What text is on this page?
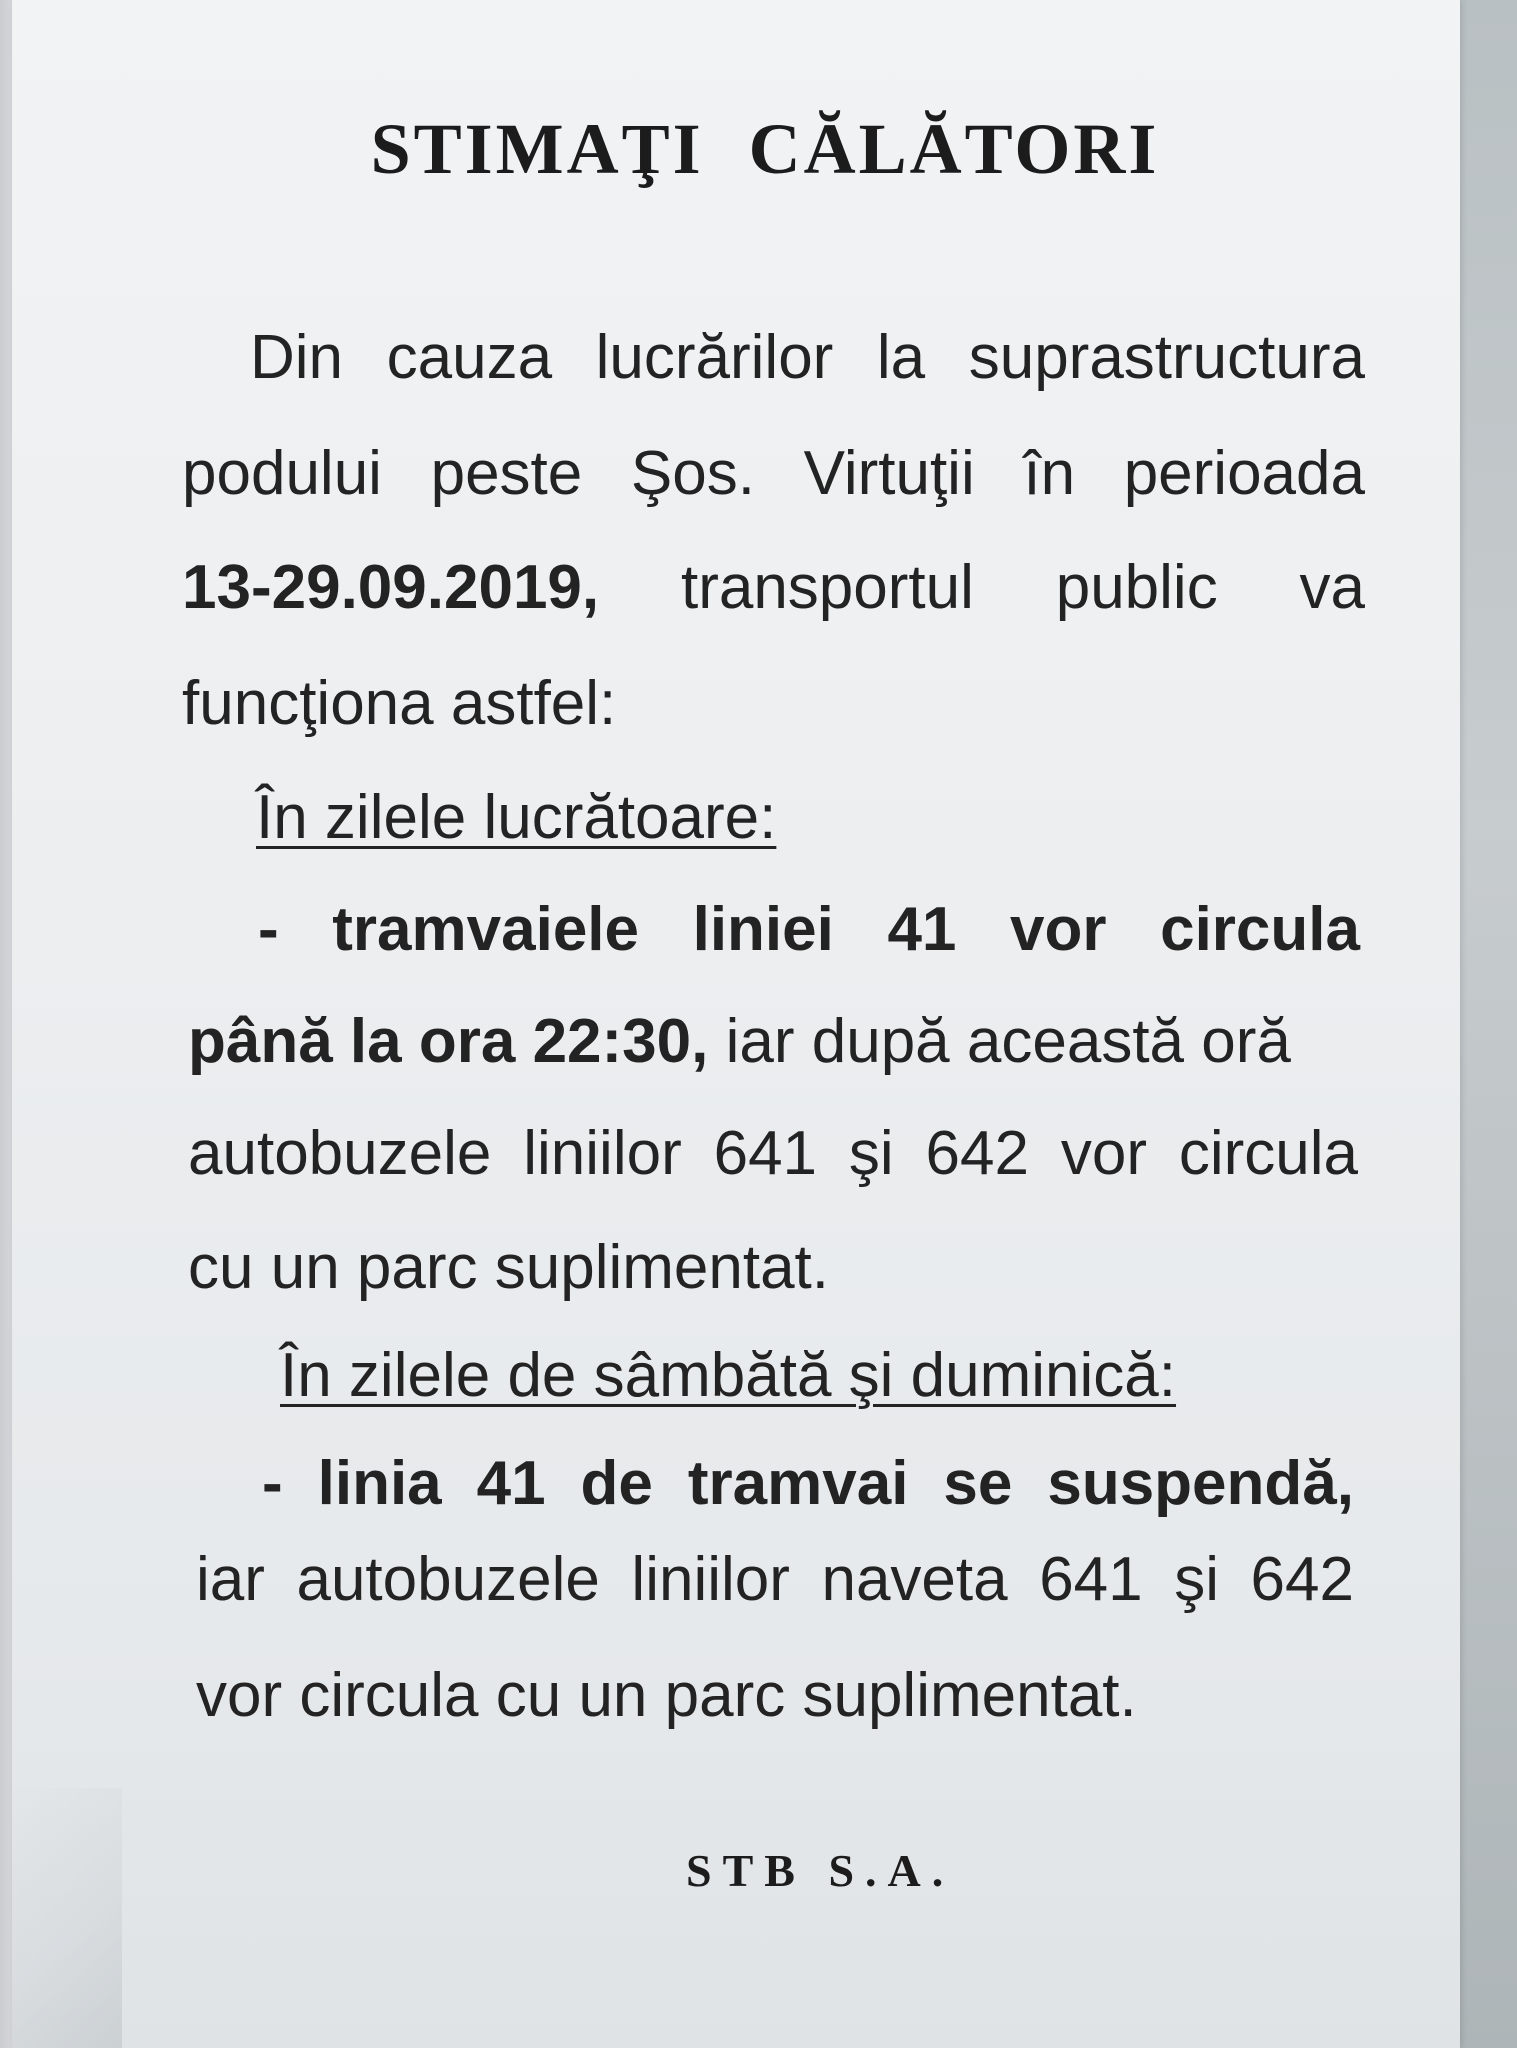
STIMAŢI CĂLĂTORI

Din cauza lucrărilor la suprastructura

podului peste Şos. Virtuţii în perioada

13-29.09.2019, transportul public va

funcţiona astfel:

În zilele lucrătoare:

- tramvaiele liniei 41 vor circula

până la ora 22:30, iar după această oră

autobuzele liniilor 641 şi 642 vor circula

cu un parc suplimentat.

În zilele de sâmbătă şi duminică:

- linia 41 de tramvai se suspendă,

iar autobuzele liniilor naveta 641 şi 642

vor circula cu un parc suplimentat.

STB S.A.
